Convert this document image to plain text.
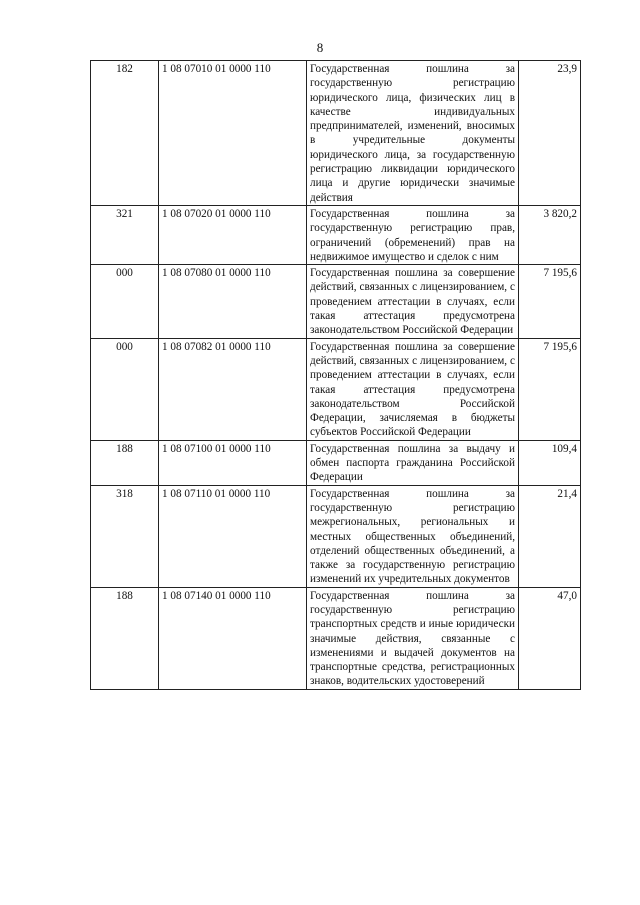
8
182	1 08 07010 01 0000 110	Государственная пошлина за государственную регистрацию юридического лица, физических лиц в качестве индивидуальных предпринимателей, изменений, вносимых в учредительные документы юридического лица, за государственную регистрацию ликвидации юридического лица и другие юридически значимые действия	23,9
321	1 08 07020 01 0000 110	Государственная пошлина за государственную регистрацию прав, ограничений (обременений) прав на недвижимое имущество и сделок с ним	3 820,2
000	1 08 07080 01 0000 110	Государственная пошлина за совершение действий, связанных с лицензированием, с проведением аттестации в случаях, если такая аттестация предусмотрена законодательством Российской Федерации	7 195,6
000	1 08 07082 01 0000 110	Государственная пошлина за совершение действий, связанных с лицензированием, с проведением аттестации в случаях, если такая аттестация предусмотрена законодательством Российской Федерации, зачисляемая в бюджеты субъектов Российской Федерации	7 195,6
188	1 08 07100 01 0000 110	Государственная пошлина за выдачу и обмен паспорта гражданина Российской Федерации	109,4
318	1 08 07110 01 0000 110	Государственная пошлина за государственную регистрацию межрегиональных, региональных и местных общественных объединений, отделений общественных объединений, а также за государственную регистрацию изменений их учредительных документов	21,4
188	1 08 07140 01 0000 110	Государственная пошлина за государственную регистрацию транспортных средств и иные юридически значимые действия, связанные с изменениями и выдачей документов на транспортные средства, регистрационных знаков, водительских удостоверений	47,0
